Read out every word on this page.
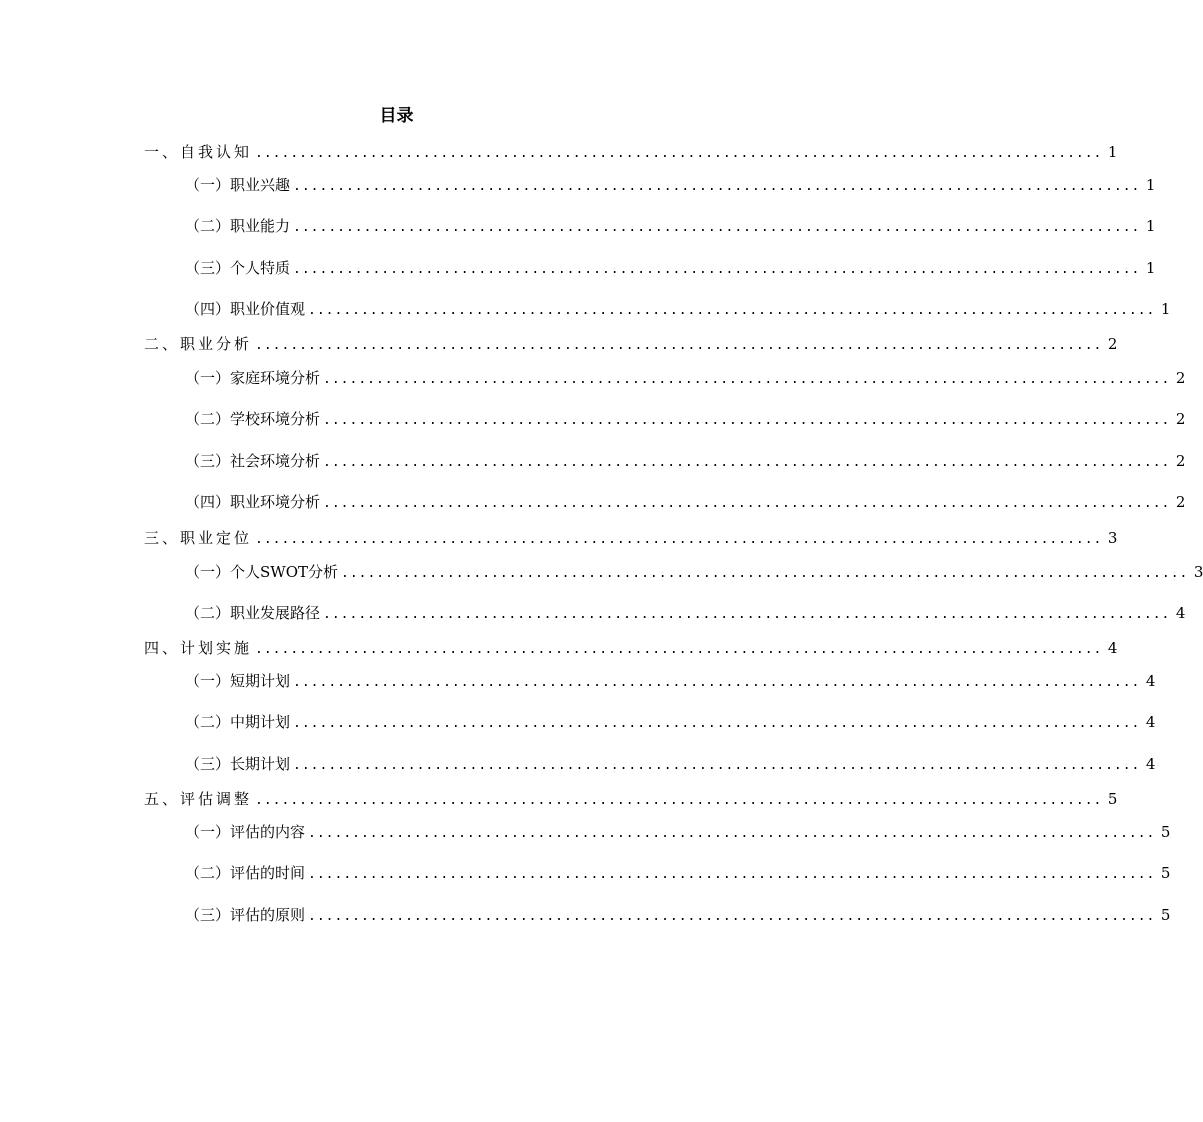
目录
一、自我认知 ................................................................................................ 1
（一）职业兴趣 ................................................................................................ 1
（二）职业能力 ................................................................................................ 1
（三）个人特质 ................................................................................................ 1
（四）职业价值观 ................................................................................................ 1
二、职业分析 ................................................................................................ 2
（一）家庭环境分析 ................................................................................................ 2
（二）学校环境分析 ................................................................................................ 2
（三）社会环境分析 ................................................................................................ 2
（四）职业环境分析 ................................................................................................ 2
三、职业定位 ................................................................................................ 3
（一）个人SWOT分析 ................................................................................................ 3
（二）职业发展路径 ................................................................................................ 4
四、计划实施 ................................................................................................ 4
（一）短期计划 ................................................................................................ 4
（二）中期计划 ................................................................................................ 4
（三）长期计划 ................................................................................................ 4
五、评估调整 ................................................................................................ 5
（一）评估的内容 ................................................................................................ 5
（二）评估的时间 ................................................................................................ 5
（三）评估的原则 ................................................................................................ 5
